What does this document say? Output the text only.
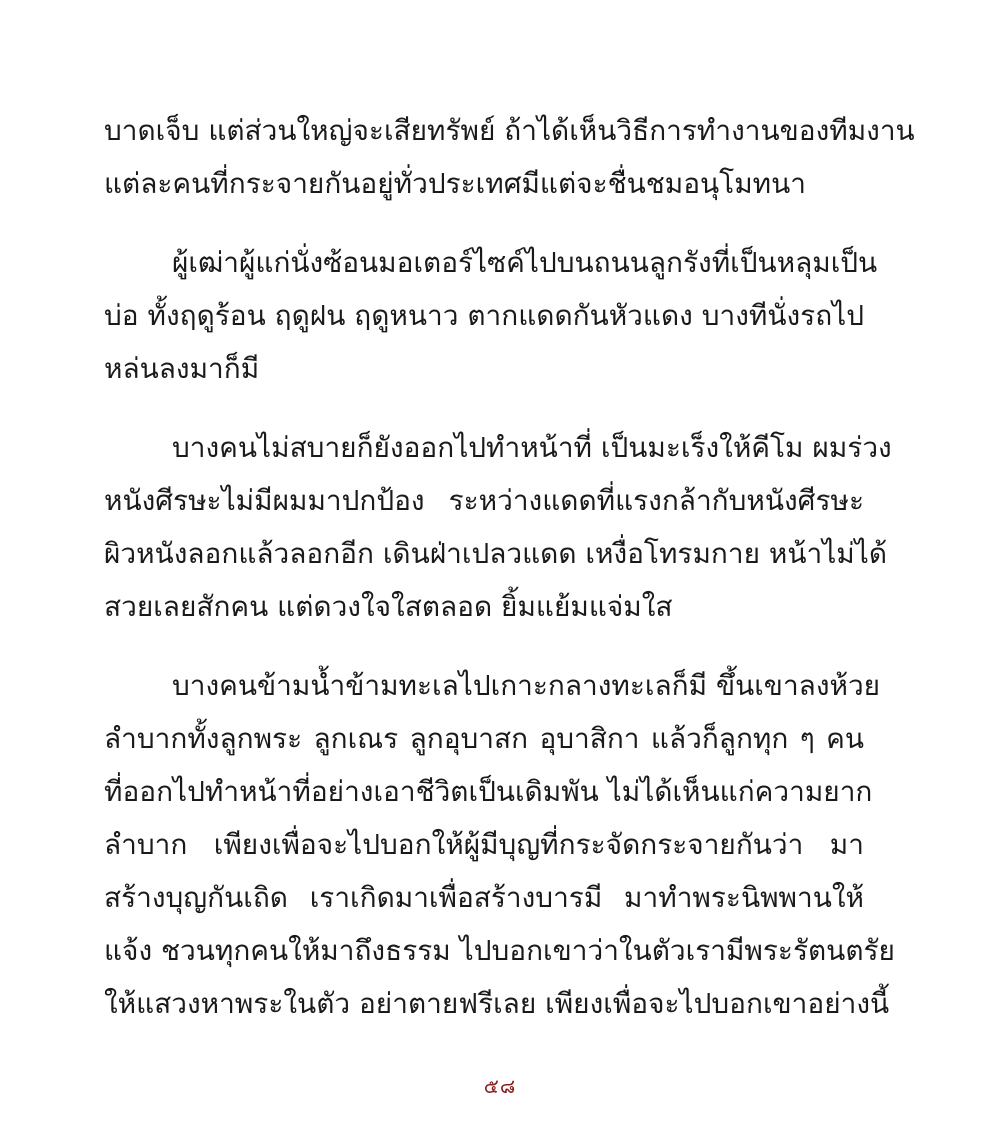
บาดเจ็บ แต่ส่วนใหญ่จะเสียทรัพย์ ถ้าได้เห็นวิธีการทำงานของทีมงาน
แต่ละคนที่กระจายกันอยู่ทั่วประเทศมีแต่จะชื่นชมอนุโมทนา

ผู้เฒ่าผู้แก่นั่งซ้อนมอเตอร์ไซค์ไปบนถนนลูกรังที่เป็นหลุมเป็น
บ่อ ทั้งฤดูร้อน ฤดูฝน ฤดูหนาว ตากแดดกันหัวแดง บางทีนั่งรถไป
หล่นลงมาก็มี

บางคนไม่สบายก็ยังออกไปทำหน้าที่ เป็นมะเร็งให้คีโม ผมร่วง
หนังศีรษะไม่มีผมมาปกป้อง ระหว่างแดดที่แรงกล้ากับหนังศีรษะ
ผิวหนังลอกแล้วลอกอีก เดินฝ่าเปลวแดด เหงื่อโทรมกาย หน้าไม่ได้
สวยเลยสักคน แต่ดวงใจใสตลอด ยิ้มแย้มแจ่มใส

บางคนข้ามน้ำข้ามทะเลไปเกาะกลางทะเลก็มี ขึ้นเขาลงห้วย
ลำบากทั้งลูกพระ ลูกเณร ลูกอุบาสก อุบาสิกา แล้วก็ลูกทุก ๆ คน
ที่ออกไปทำหน้าที่อย่างเอาชีวิตเป็นเดิมพัน ไม่ได้เห็นแก่ความยาก
ลำบาก เพียงเพื่อจะไปบอกให้ผู้มีบุญที่กระจัดกระจายกันว่า มา
สร้างบุญกันเถิด เราเกิดมาเพื่อสร้างบารมี มาทำพระนิพพานให้
แจ้ง ชวนทุกคนให้มาถึงธรรม ไปบอกเขาว่าในตัวเรามีพระรัตนตรัย
ให้แสวงหาพระในตัว อย่าตายฟรีเลย เพียงเพื่อจะไปบอกเขาอย่างนี้

๕๘
